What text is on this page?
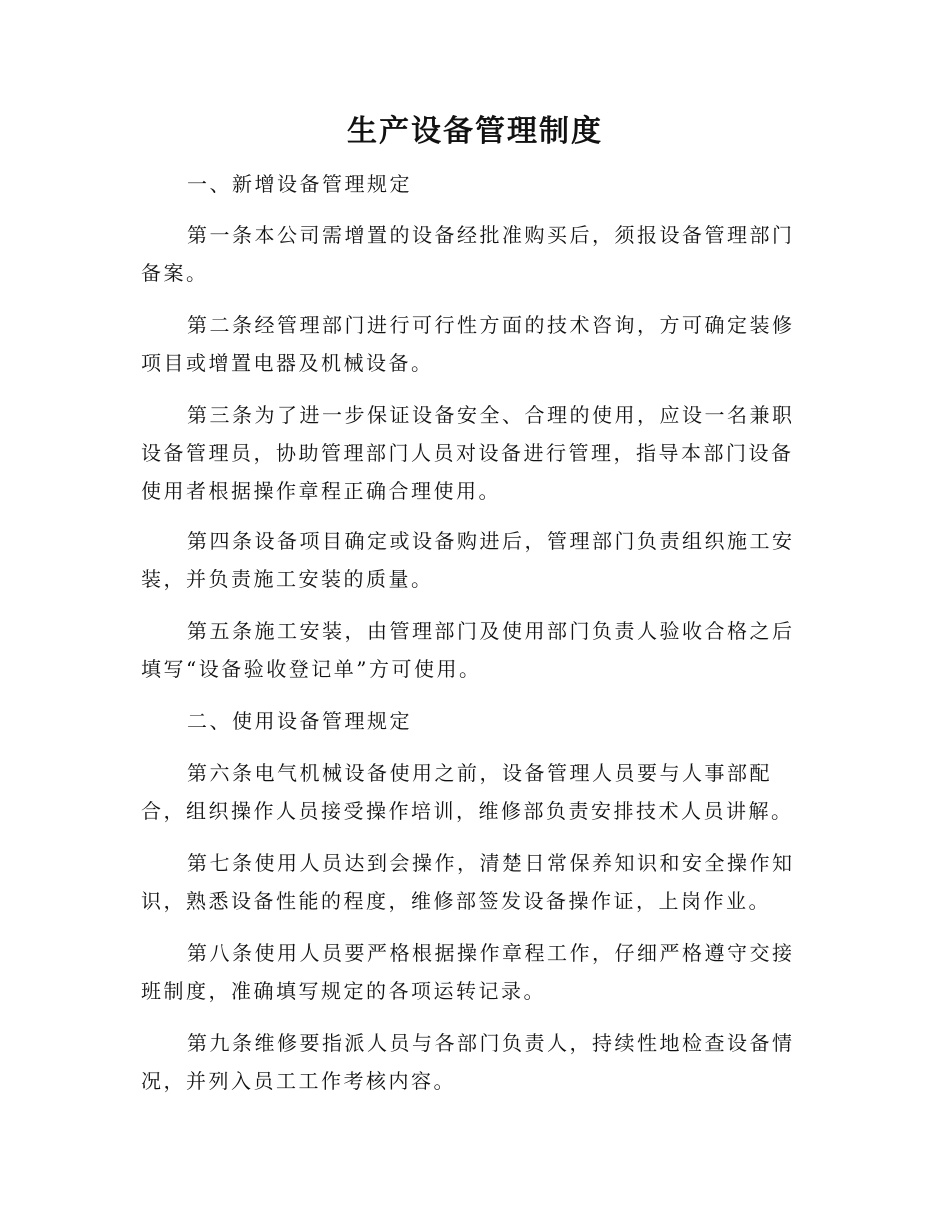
生产设备管理制度

一、新增设备管理规定

第一条本公司需增置的设备经批准购买后，须报设备管理部门备案。

第二条经管理部门进行可行性方面的技术咨询，方可确定装修项目或增置电器及机械设备。

第三条为了进一步保证设备安全、合理的使用，应设一名兼职设备管理员，协助管理部门人员对设备进行管理，指导本部门设备使用者根据操作章程正确合理使用。

第四条设备项目确定或设备购进后，管理部门负责组织施工安装，并负责施工安装的质量。

第五条施工安装，由管理部门及使用部门负责人验收合格之后填写“设备验收登记单”方可使用。

二、使用设备管理规定

第六条电气机械设备使用之前，设备管理人员要与人事部配合，组织操作人员接受操作培训，维修部负责安排技术人员讲解。

第七条使用人员达到会操作，清楚日常保养知识和安全操作知识，熟悉设备性能的程度，维修部签发设备操作证，上岗作业。

第八条使用人员要严格根据操作章程工作，仔细严格遵守交接班制度，准确填写规定的各项运转记录。

第九条维修要指派人员与各部门负责人，持续性地检查设备情况，并列入员工工作考核内容。
